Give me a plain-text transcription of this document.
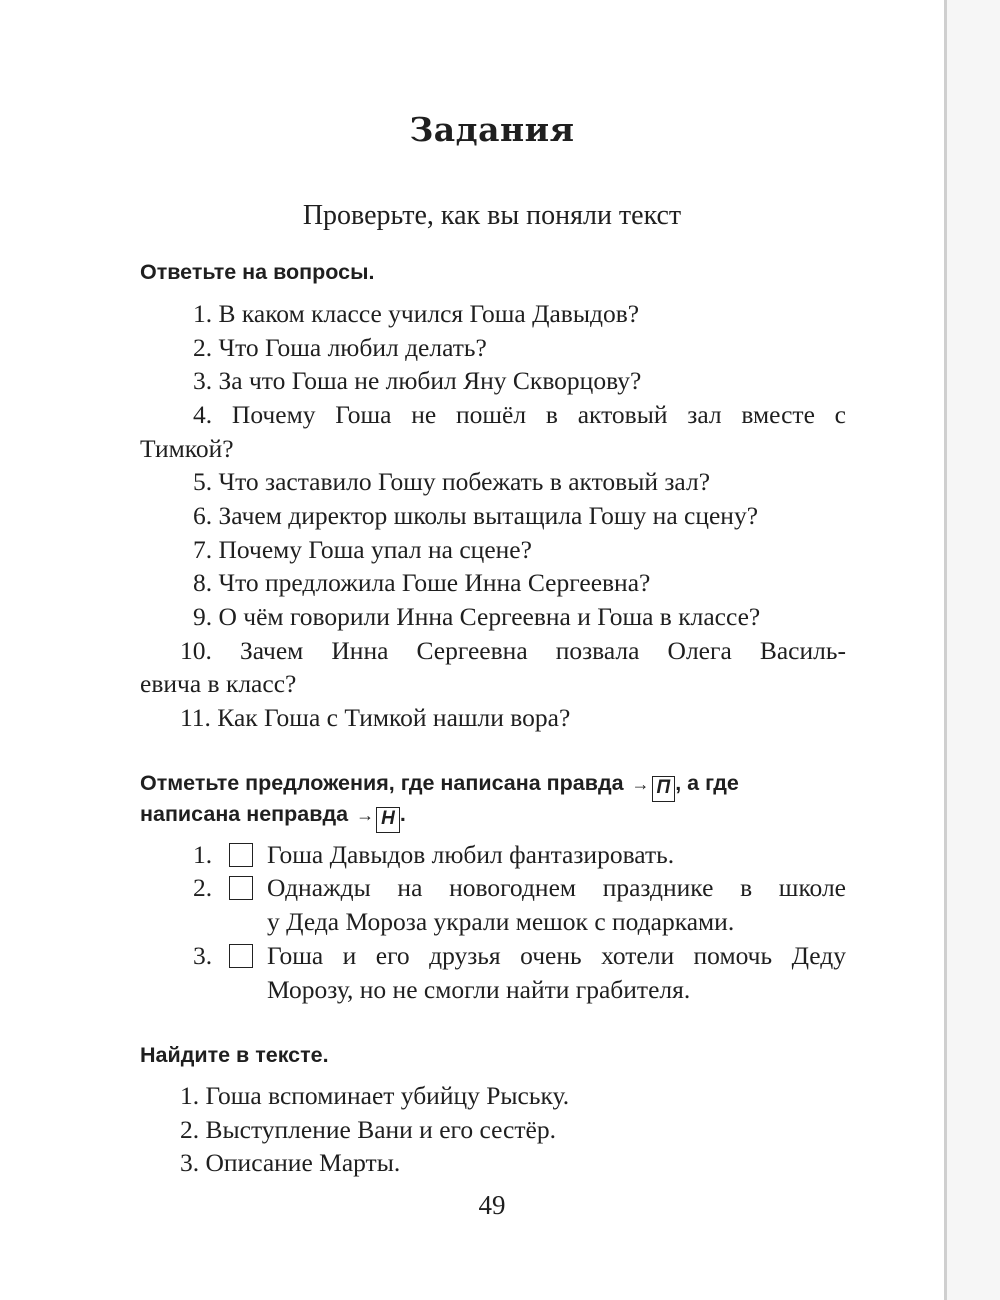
Задания
Проверьте, как вы поняли текст
Ответьте на вопросы.
1. В каком классе учился Гоша Давыдов?
2. Что Гоша любил делать?
3. За что Гоша не любил Яну Скворцову?
4. Почему Гоша не пошёл в актовый зал вместе с
Тимкой?
5. Что заставило Гошу побежать в актовый зал?
6. Зачем директор школы вытащила Гошу на сцену?
7. Почему Гоша упал на сцене?
8. Что предложила Гоше Инна Сергеевна?
9. О чём говорили Инна Сергеевна и Гоша в классе?
10. Зачем Инна Сергеевна позвала Олега Василь-
евича в класс?
11. Как Гоша с Тимкой нашли вора?
Отметьте предложения, где написана правда → П , а где
написана неправда → Н .
1. Гоша Давыдов любил фантазировать.
2. Однажды на новогоднем празднике в школе
у Деда Мороза украли мешок с подарками.
3. Гоша и его друзья очень хотели помочь Деду
Морозу, но не смогли найти грабителя.
Найдите в тексте.
1. Гоша вспоминает убийцу Рыську.
2. Выступление Вани и его сестёр.
3. Описание Марты.
49
